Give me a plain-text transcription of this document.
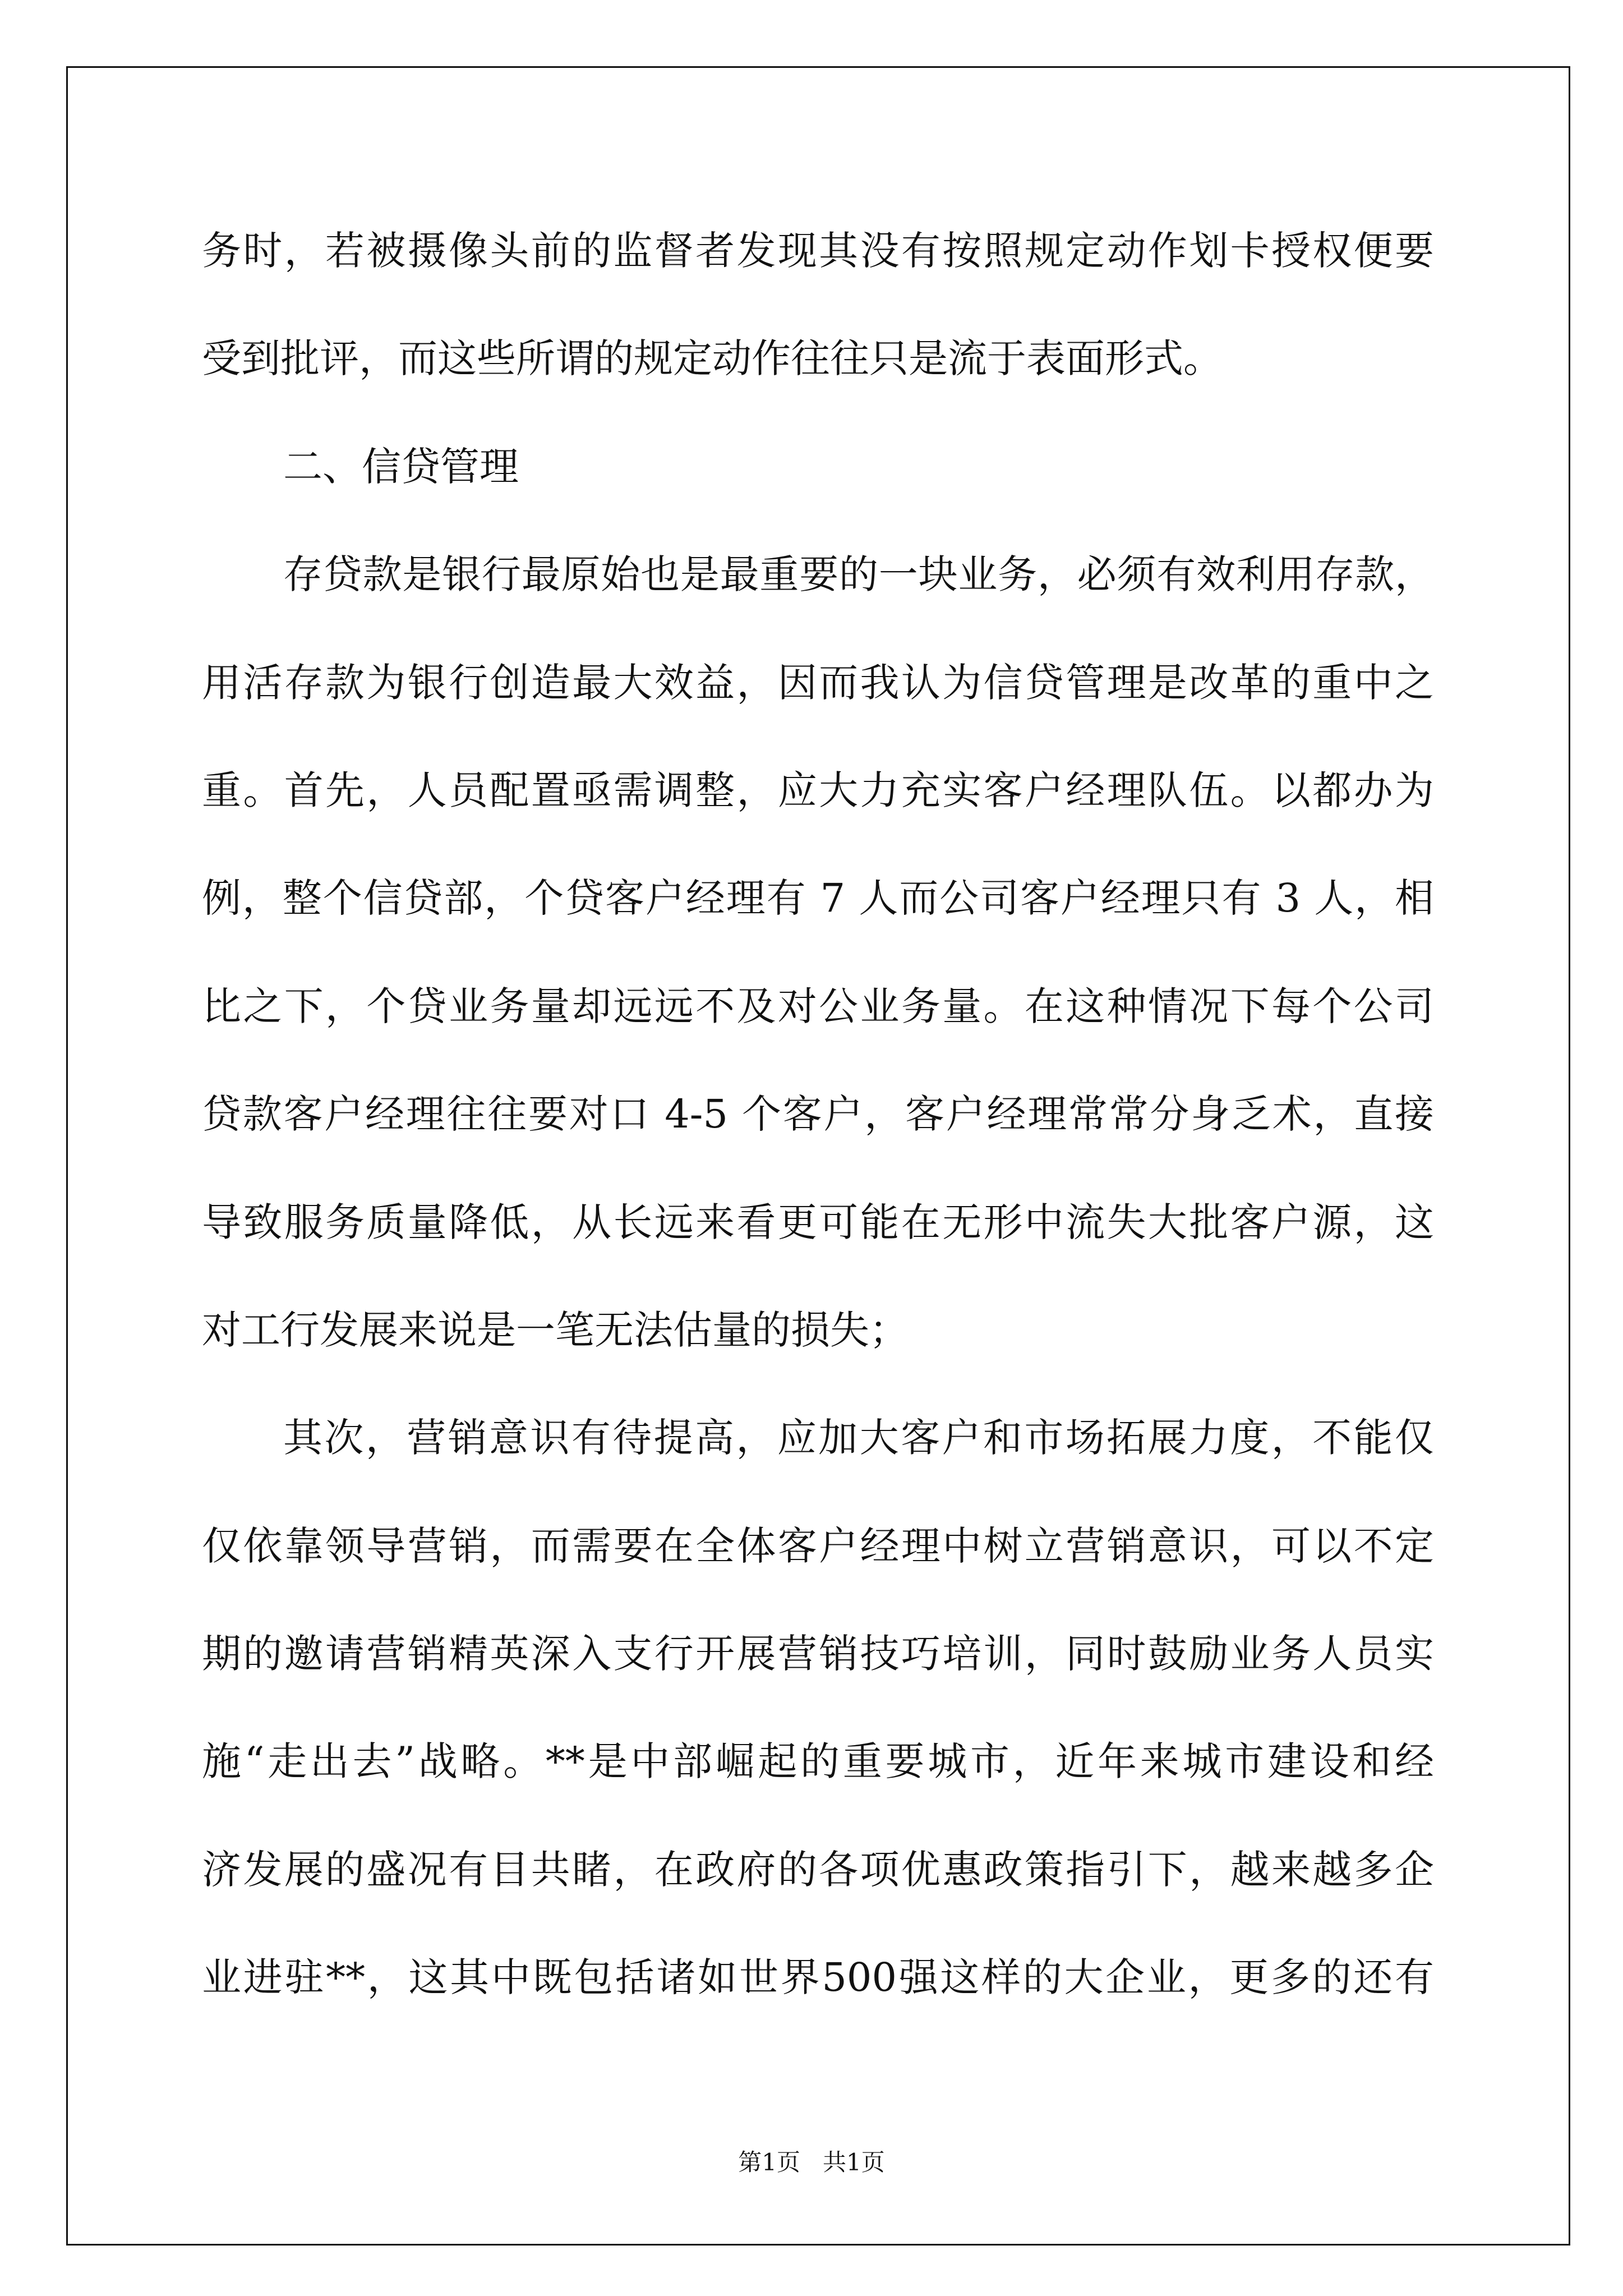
务时，若被摄像头前的监督者发现其没有按照规定动作划卡授权便要
受到批评，而这些所谓的规定动作往往只是流于表面形式。
二、信贷管理
存贷款是银行最原始也是最重要的一块业务，必须有效利用存款，
用活存款为银行创造最大效益，因而我认为信贷管理是改革的重中之
重。首先，人员配置亟需调整，应大力充实客户经理队伍。以都办为
例，整个信贷部，个贷客户经理有 7 人而公司客户经理只有 3 人，相
比之下，个贷业务量却远远不及对公业务量。在这种情况下每个公司
贷款客户经理往往要对口 4-5 个客户，客户经理常常分身乏术，直接
导致服务质量降低，从长远来看更可能在无形中流失大批客户源，这
对工行发展来说是一笔无法估量的损失；
其次，营销意识有待提高，应加大客户和市场拓展力度，不能仅
仅依靠领导营销，而需要在全体客户经理中树立营销意识，可以不定
期的邀请营销精英深入支行开展营销技巧培训，同时鼓励业务人员实
施“走出去”战略。**是中部崛起的重要城市，近年来城市建设和经
济发展的盛况有目共睹，在政府的各项优惠政策指引下，越来越多企
业进驻**，这其中既包括诸如世界500强这样的大企业，更多的还有
第1页 共1页
